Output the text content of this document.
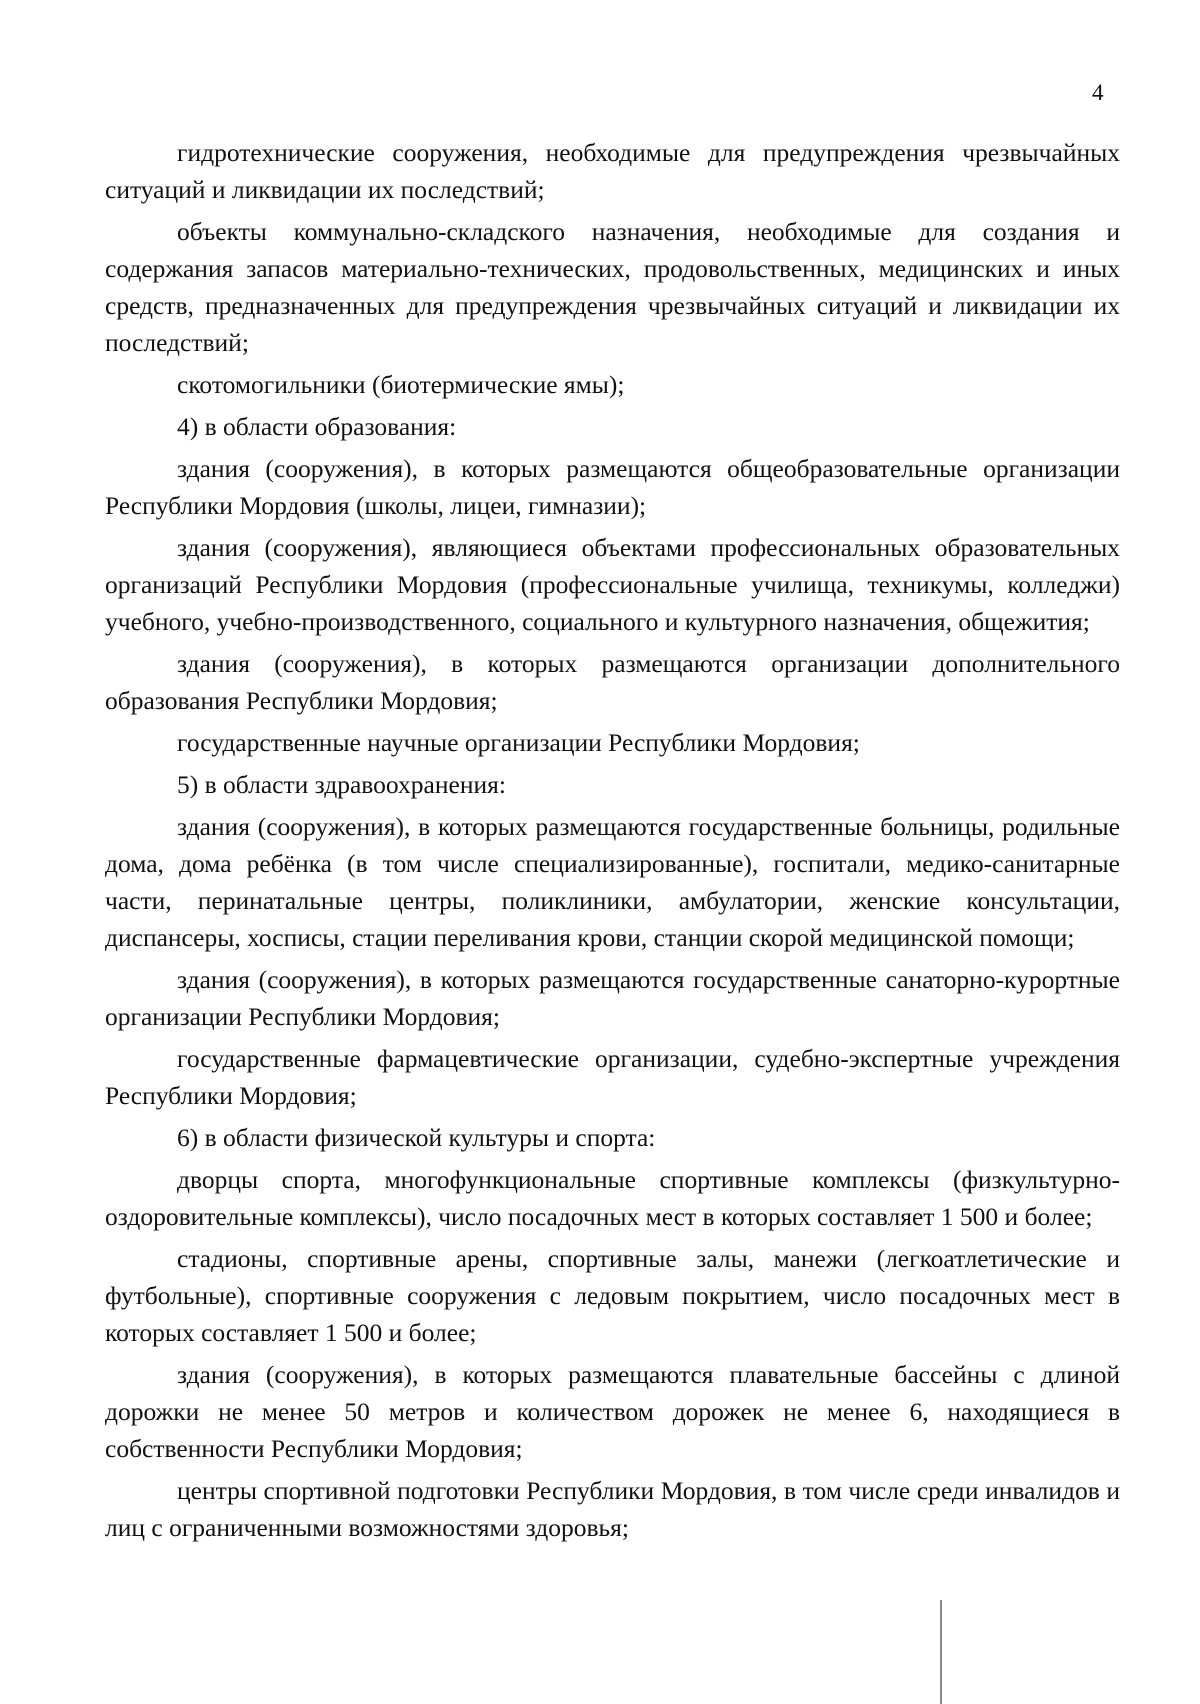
4

гидротехнические сооружения, необходимые для предупреждения чрезвычайных ситуаций и ликвидации их последствий;

объекты коммунально-складского назначения, необходимые для создания и содержания запасов материально-технических, продовольственных, медицинских и иных средств, предназначенных для предупреждения чрезвычайных ситуаций и ликвидации их последствий;

скотомогильники (биотермические ямы);

4) в области образования:

здания (сооружения), в которых размещаются общеобразовательные организации Республики Мордовия (школы, лицеи, гимназии);

здания (сооружения), являющиеся объектами профессиональных образовательных организаций Республики Мордовия (профессиональные училища, техникумы, колледжи) учебного, учебно-производственного, социального и культурного назначения, общежития;

здания (сооружения), в которых размещаются организации дополнительного образования Республики Мордовия;

государственные научные организации Республики Мордовия;

5) в области здравоохранения:

здания (сооружения), в которых размещаются государственные больницы, родильные дома, дома ребёнка (в том числе специализированные), госпитали, медико-санитарные части, перинатальные центры, поликлиники, амбулатории, женские консультации, диспансеры, хосписы, стации переливания крови, станции скорой медицинской помощи;

здания (сооружения), в которых размещаются государственные санаторно-курортные организации Республики Мордовия;

государственные фармацевтические организации, судебно-экспертные учреждения Республики Мордовия;

6) в области физической культуры и спорта:

дворцы спорта, многофункциональные спортивные комплексы (физкультурно-оздоровительные комплексы), число посадочных мест в которых составляет 1 500 и более;

стадионы, спортивные арены, спортивные залы, манежи (легкоатлетические и футбольные), спортивные сооружения с ледовым покрытием, число посадочных мест в которых составляет 1 500 и более;

здания (сооружения), в которых размещаются плавательные бассейны с длиной дорожки не менее 50 метров и количеством дорожек не менее 6, находящиеся в собственности Республики Мордовия;

центры спортивной подготовки Республики Мордовия, в том числе среди инвалидов и лиц с ограниченными возможностями здоровья;
